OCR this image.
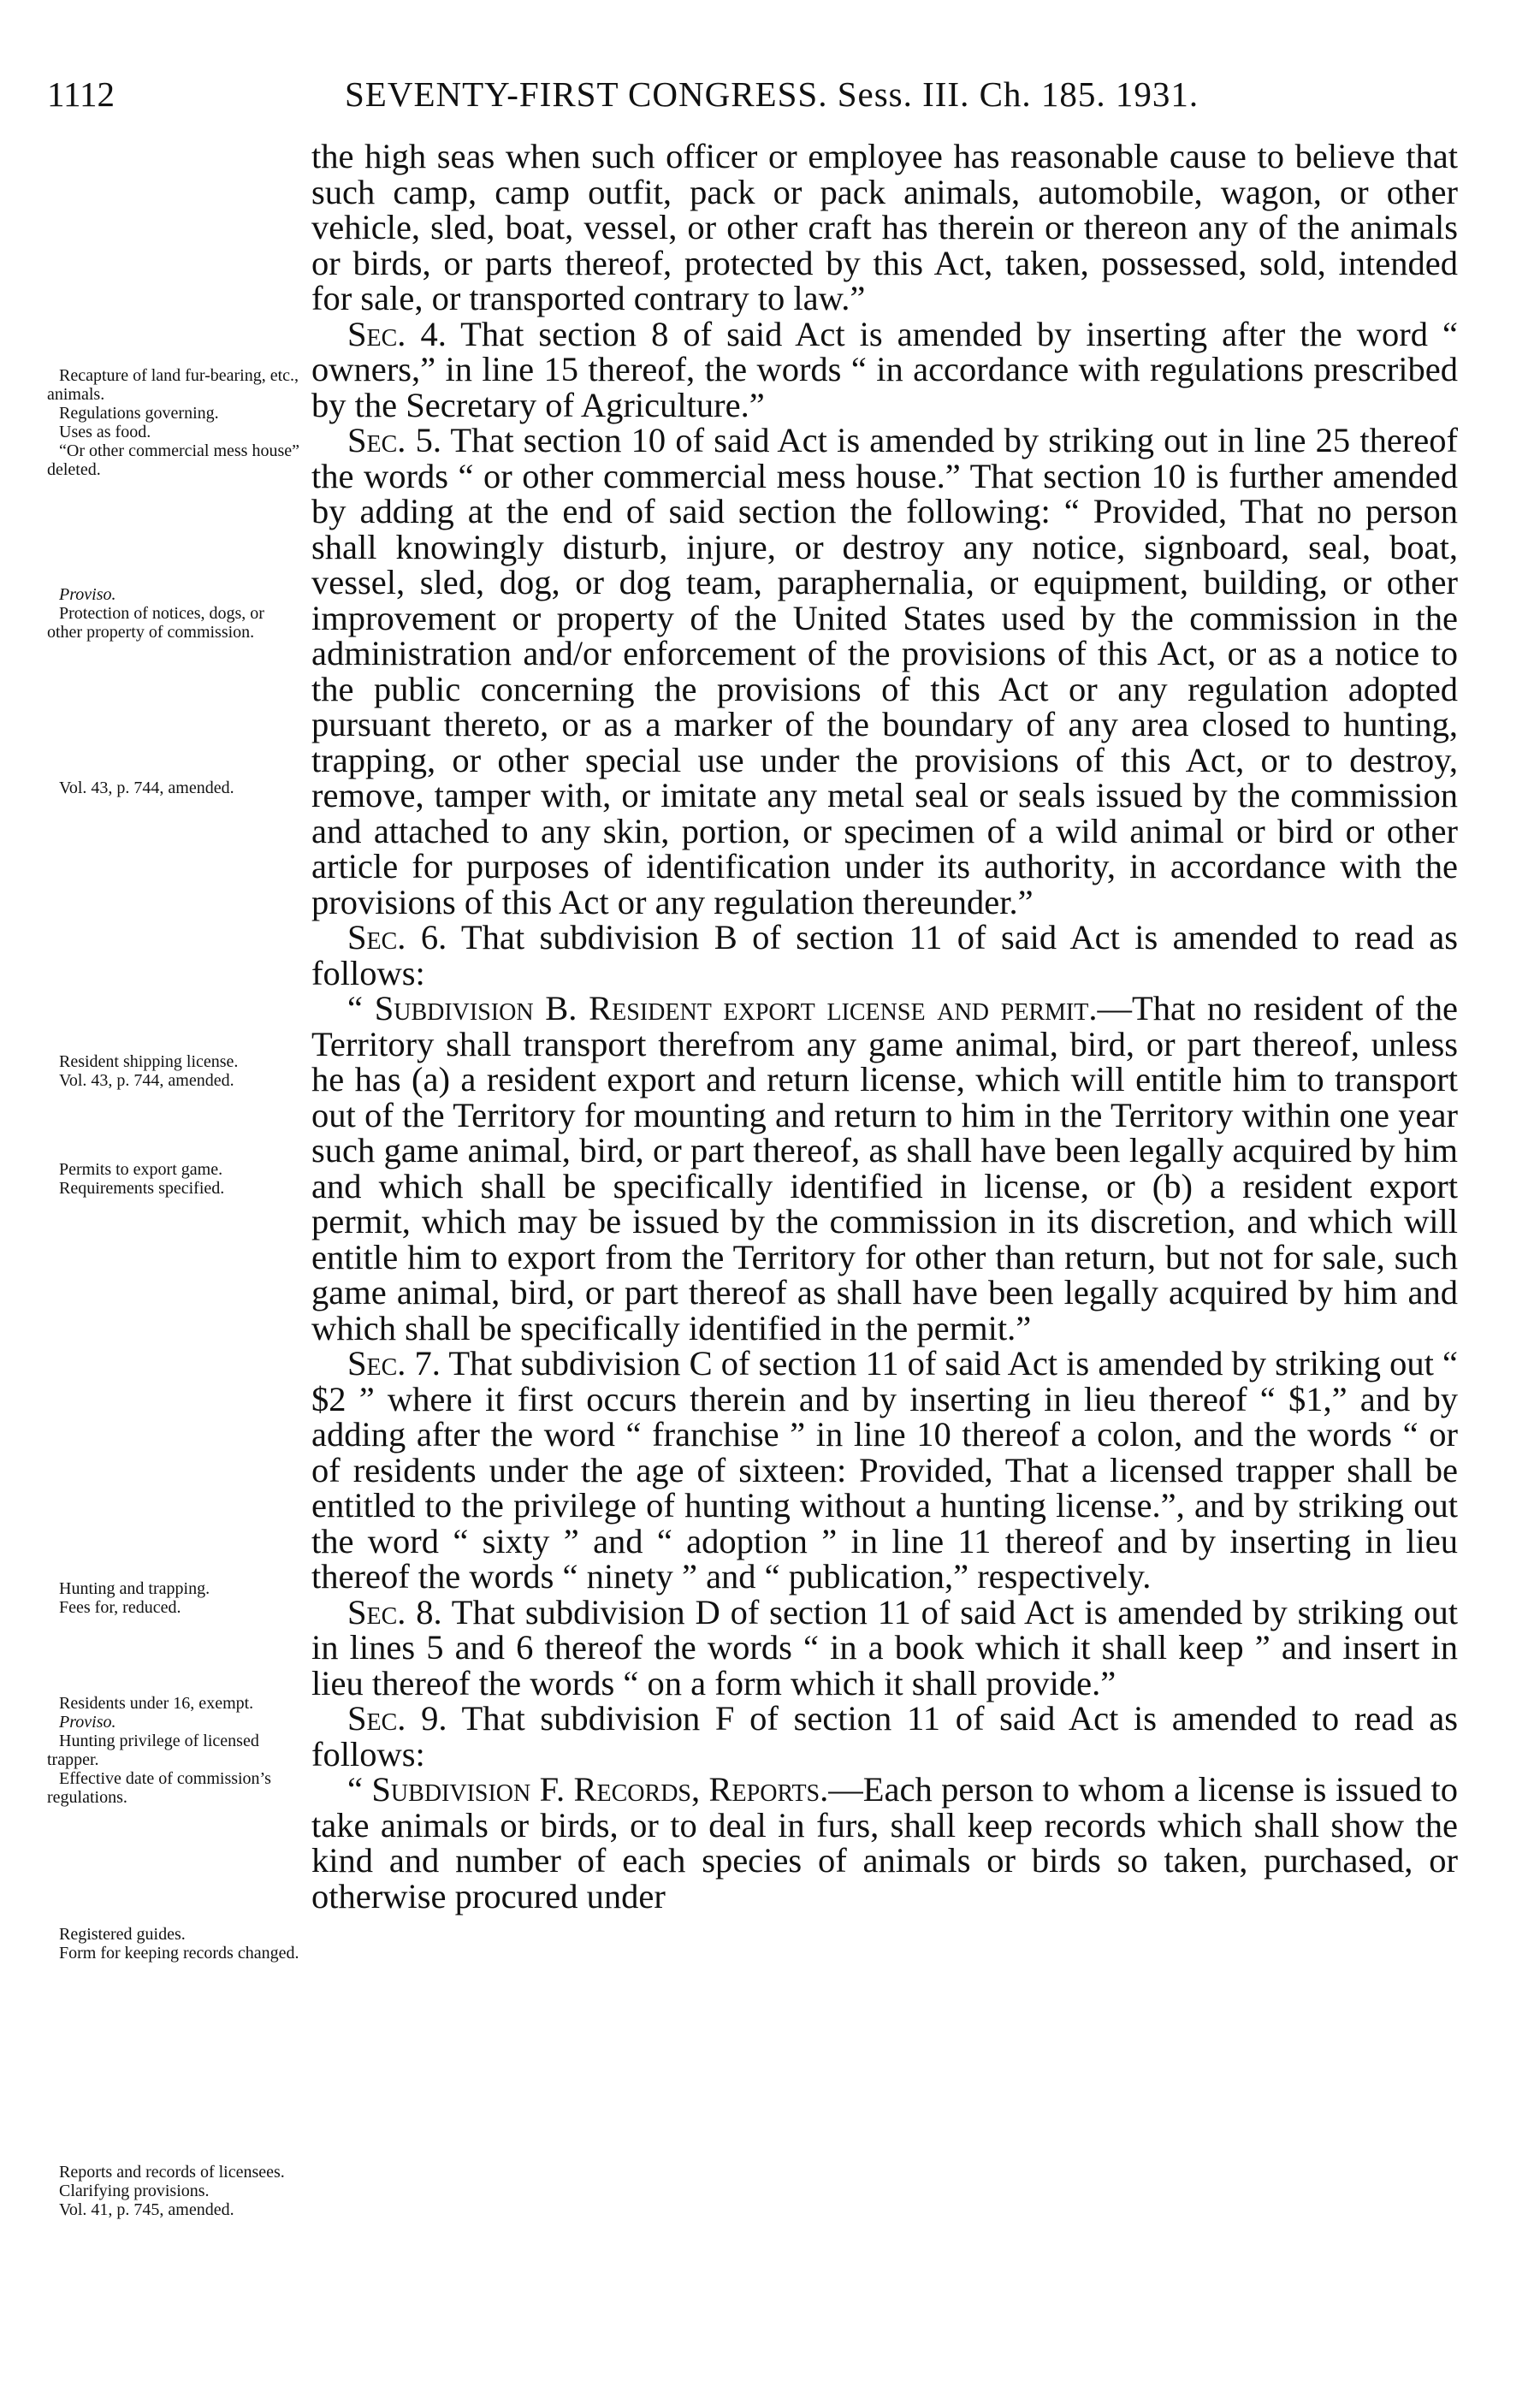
1112	SEVENTY-FIRST CONGRESS. Sess. III. Ch. 185. 1931.
Recapture of land fur-bearing, etc., animals.
Regulations governing.
Uses as food.
“Or other commercial mess house” deleted.
Proviso.
Protection of notices, dogs, or other property of commission.
Vol. 43, p. 744, amended.
Resident shipping license.
Vol. 43, p. 744, amended.
Permits to export game.
Requirements specified.
Hunting and trapping.
Fees for, reduced.
Residents under 16, exempt.
Proviso.
Hunting privilege of licensed trapper.
Effective date of commission’s regulations.
Registered guides.
Form for keeping records changed.
Reports and records of licensees.
Clarifying provisions.
Vol. 41, p. 745, amended.

the high seas when such officer or employee has reasonable cause to believe that such camp, camp outfit, pack or pack animals, automobile, wagon, or other vehicle, sled, boat, vessel, or other craft has therein or thereon any of the animals or birds, or parts thereof, protected by this Act, taken, possessed, sold, intended for sale, or transported contrary to law.”

Sec. 4. That section 8 of said Act is amended by inserting after the word “ owners,” in line 15 thereof, the words “ in accordance with regulations prescribed by the Secretary of Agriculture.”

Sec. 5. That section 10 of said Act is amended by striking out in line 25 thereof the words “ or other commercial mess house.” That section 10 is further amended by adding at the end of said section the following: “ Provided, That no person shall knowingly disturb, injure, or destroy any notice, signboard, seal, boat, vessel, sled, dog, or dog team, paraphernalia, or equipment, building, or other improvement or property of the United States used by the commission in the administration and/or enforcement of the provisions of this Act, or as a notice to the public concerning the provisions of this Act or any regulation adopted pursuant thereto, or as a marker of the boundary of any area closed to hunting, trapping, or other special use under the provisions of this Act, or to destroy, remove, tamper with, or imitate any metal seal or seals issued by the commission and attached to any skin, portion, or specimen of a wild animal or bird or other article for purposes of identification under its authority, in accordance with the provisions of this Act or any regulation thereunder.”

Sec. 6. That subdivision B of section 11 of said Act is amended to read as follows:

“ Subdivision B. Resident export license and permit.—That no resident of the Territory shall transport therefrom any game animal, bird, or part thereof, unless he has (a) a resident export and return license, which will entitle him to transport out of the Territory for mounting and return to him in the Territory within one year such game animal, bird, or part thereof, as shall have been legally acquired by him and which shall be specifically identified in license, or (b) a resident export permit, which may be issued by the commission in its discretion, and which will entitle him to export from the Territory for other than return, but not for sale, such game animal, bird, or part thereof as shall have been legally acquired by him and which shall be specifically identified in the permit.”

Sec. 7. That subdivision C of section 11 of said Act is amended by striking out “ $2 ” where it first occurs therein and by inserting in lieu thereof “ $1,” and by adding after the word “ franchise ” in line 10 thereof a colon, and the words “ or of residents under the age of sixteen: Provided, That a licensed trapper shall be entitled to the privilege of hunting without a hunting license.”, and by striking out the word “ sixty ” and “ adoption ” in line 11 thereof and by inserting in lieu thereof the words “ ninety ” and “ publication,” respectively.

Sec. 8. That subdivision D of section 11 of said Act is amended by striking out in lines 5 and 6 thereof the words “ in a book which it shall keep ” and insert in lieu thereof the words “ on a form which it shall provide.”

Sec. 9. That subdivision F of section 11 of said Act is amended to read as follows:

“ Subdivision F. Records, Reports.—Each person to whom a license is issued to take animals or birds, or to deal in furs, shall keep records which shall show the kind and number of each species of animals or birds so taken, purchased, or otherwise procured under
